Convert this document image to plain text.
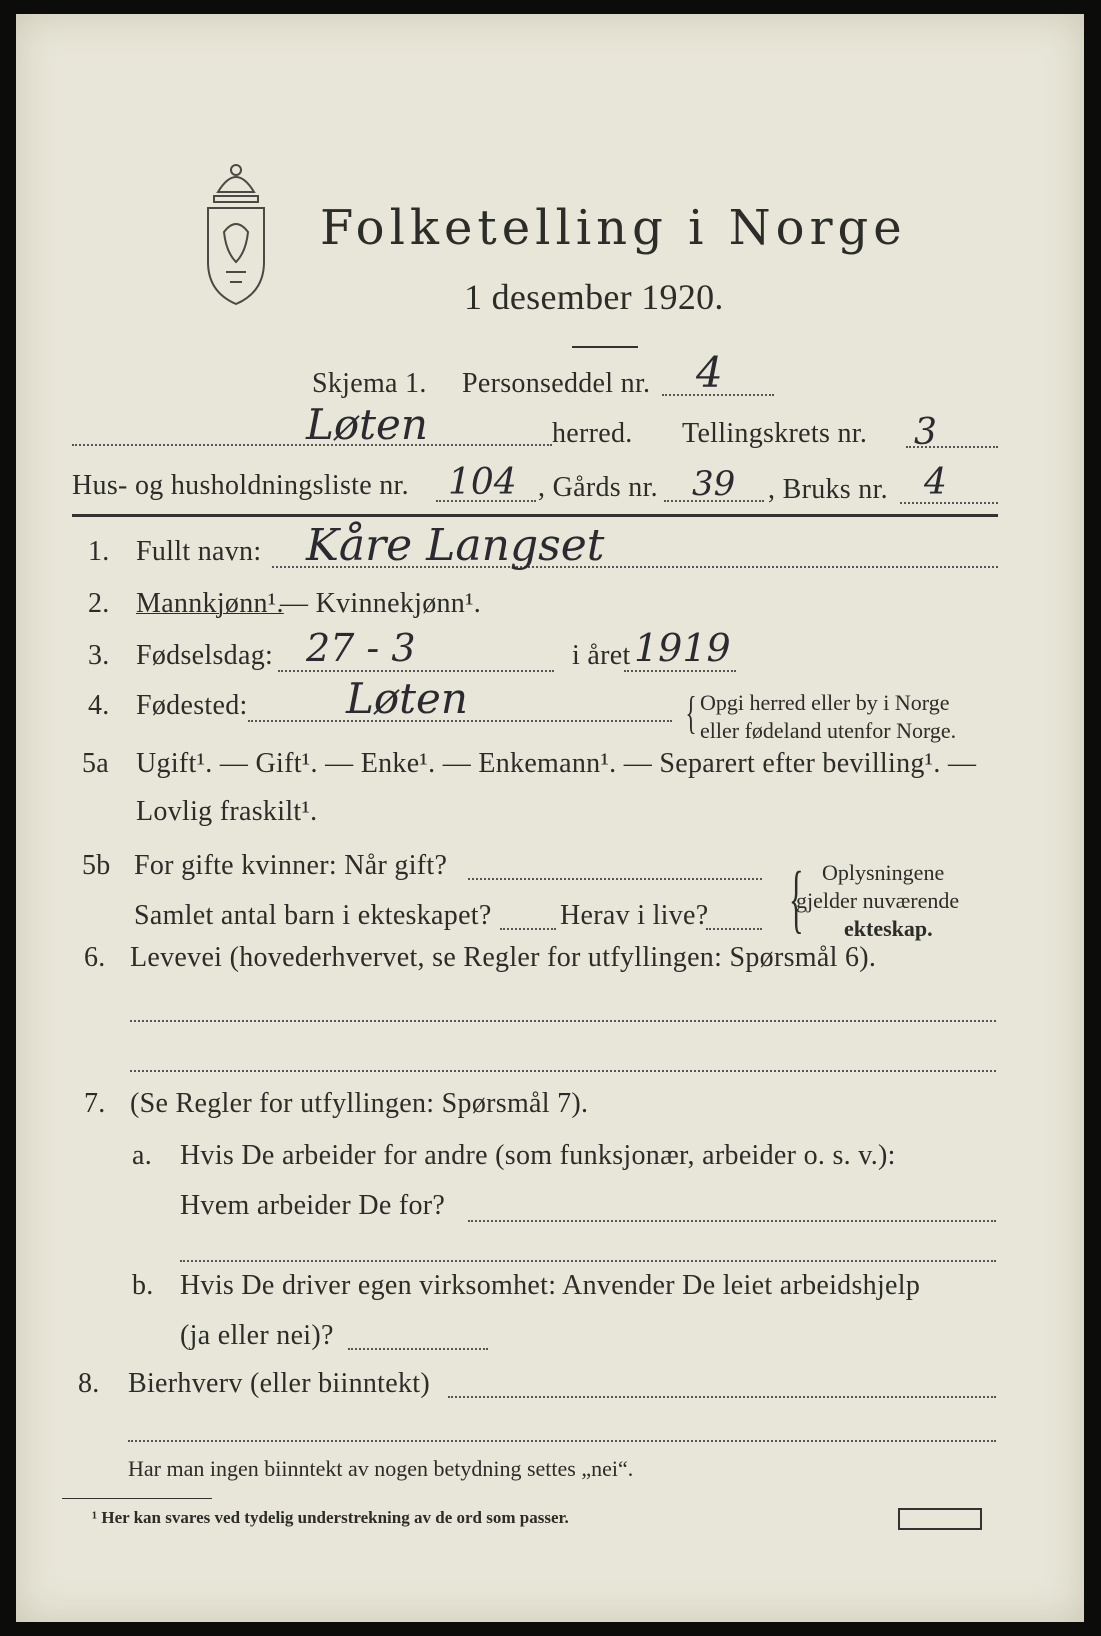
Folketelling i Norge
1 desember 1920.
Skjema 1. Personseddel nr. 4
Løten	herred. Tellingskrets nr. 3
Hus- og husholdningsliste nr. 104 , Gårds nr. 39 , Bruks nr. 4
1. Fullt navn: Kåre Langset
2. Mannkjønn¹.
— Kvinnekjønn¹.
3. Fødselsdag: 27 - 3	i året 1919
4. Fødested: Løten	{ Opgi herred eller by i Norge
eller fødeland utenfor Norge.
5a Ugift¹. — Gift¹. — Enke¹. — Enkemann¹. — Separert efter bevilling¹. —
Lovlig fraskilt¹.
5b For gifte kvinner: Når gift?
Samlet antal barn i ekteskapet? Herav i live? { Oplysningene
gjelder nuværende
ekteskap.
6. Levevei (hovederhvervet, se Regler for utfyllingen: Spørsmål 6).
7. (Se Regler for utfyllingen: Spørsmål 7).
a. Hvis De arbeider for andre (som funksjonær, arbeider o. s. v.):
Hvem arbeider De for?
b. Hvis De driver egen virksomhet: Anvender De leiet arbeidshjelp
(ja eller nei)?
8. Bierhverv (eller biinntekt)
Har man ingen biinntekt av nogen betydning settes „nei“.
¹ Her kan svares ved tydelig understrekning av de ord som passer.
